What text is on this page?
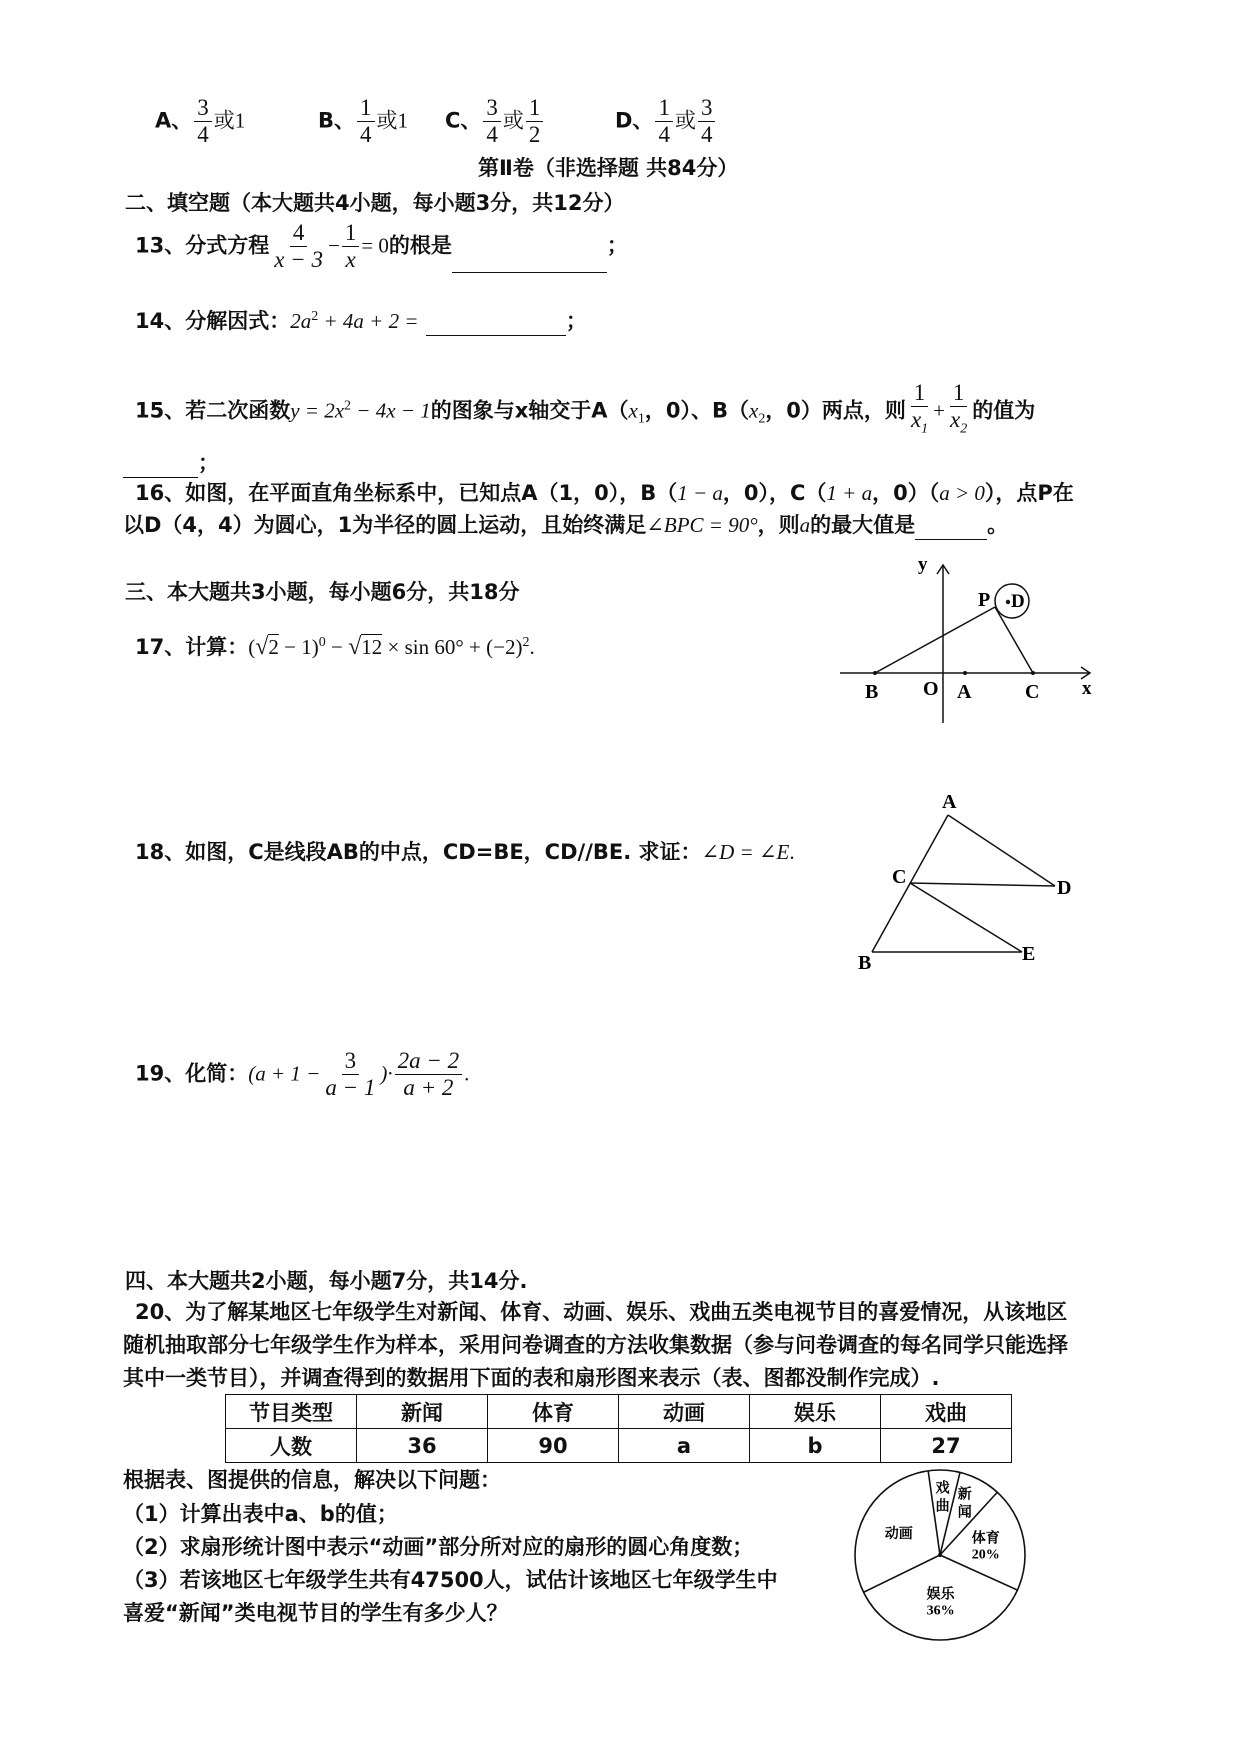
A、 $\frac{3}{4}$ 或1	B、 $\frac{1}{4}$ 或1 C、 $\frac{3}{4}$ 或 $\frac{1}{2}$	D、 $\frac{1}{4}$ 或 $\frac{3}{4}$
第Ⅱ卷（非选择题 共84分）
二、填空题（本大题共4小题，每小题3分，共12分）
13、分式方程 $\frac{4}{x - 3} - \frac{1}{x} = 0$的根是	；
14、分解因式：$2a^2 + 4a + 2$ =	；
15、若二次函数$y = 2x^2 - 4x - 1$的图象与x轴交于$A(x_1$，0）、$B(x_2$，0）两点，则 $\frac{1}{x_1} + \frac{1}{x_2}$ 的值为
；
16、如图，在平面直角坐标系中，已知点A（1，0），B（1 − a，0），C（1 + a，0）（a > 0），点P在
以D（4，4）为圆心，1为半径的圆上运动，且始终满足∠BPC = 90°，则a的最大值是	。
三、本大题共3小题，每小题6分，共18分
17、计算：$(√2 - 1)^0 - √12 \times \sin 60^\circ + (-2)^2$.
y
x
P D
B O A	C
18、如图，C是线段AB的中点，CD=BE，CD//BE. 求证：∠D = ∠E.
A
C	D
B	E
19、化简：($a + 1 - \frac{3}{a - 1}$ )· $\frac{2a - 2}{a + 2}$ .
四、本大题共2小题，每小题7分，共14分.
20、为了解某地区七年级学生对新闻、体育、动画、娱乐、戏曲五类电视节目的喜爱情况，从该地区
随机抽取部分七年级学生作为样本，采用问卷调查的方法收集数据（参与问卷调查的每名同学只能选择
其中一类节目），并调查得到的数据用下面的表和扇形图来表示（表、图都没制作完成）.
节目类型	新闻	体育	动画	娱乐	戏曲
人数	36	90	a	b	27
根据表、图提供的信息，解决以下问题：
（1）计算出表中a、b的值；
（2）求扇形统计图中表示“动画”部分所对应的扇形的圆心角度数；
（3）若该地区七年级学生共有47500人，试估计该地区七年级学生中
喜爱“新闻”类电视节目的学生有多少人？
戏
曲
新
闻
体育
20%
娱乐
36%
动画
